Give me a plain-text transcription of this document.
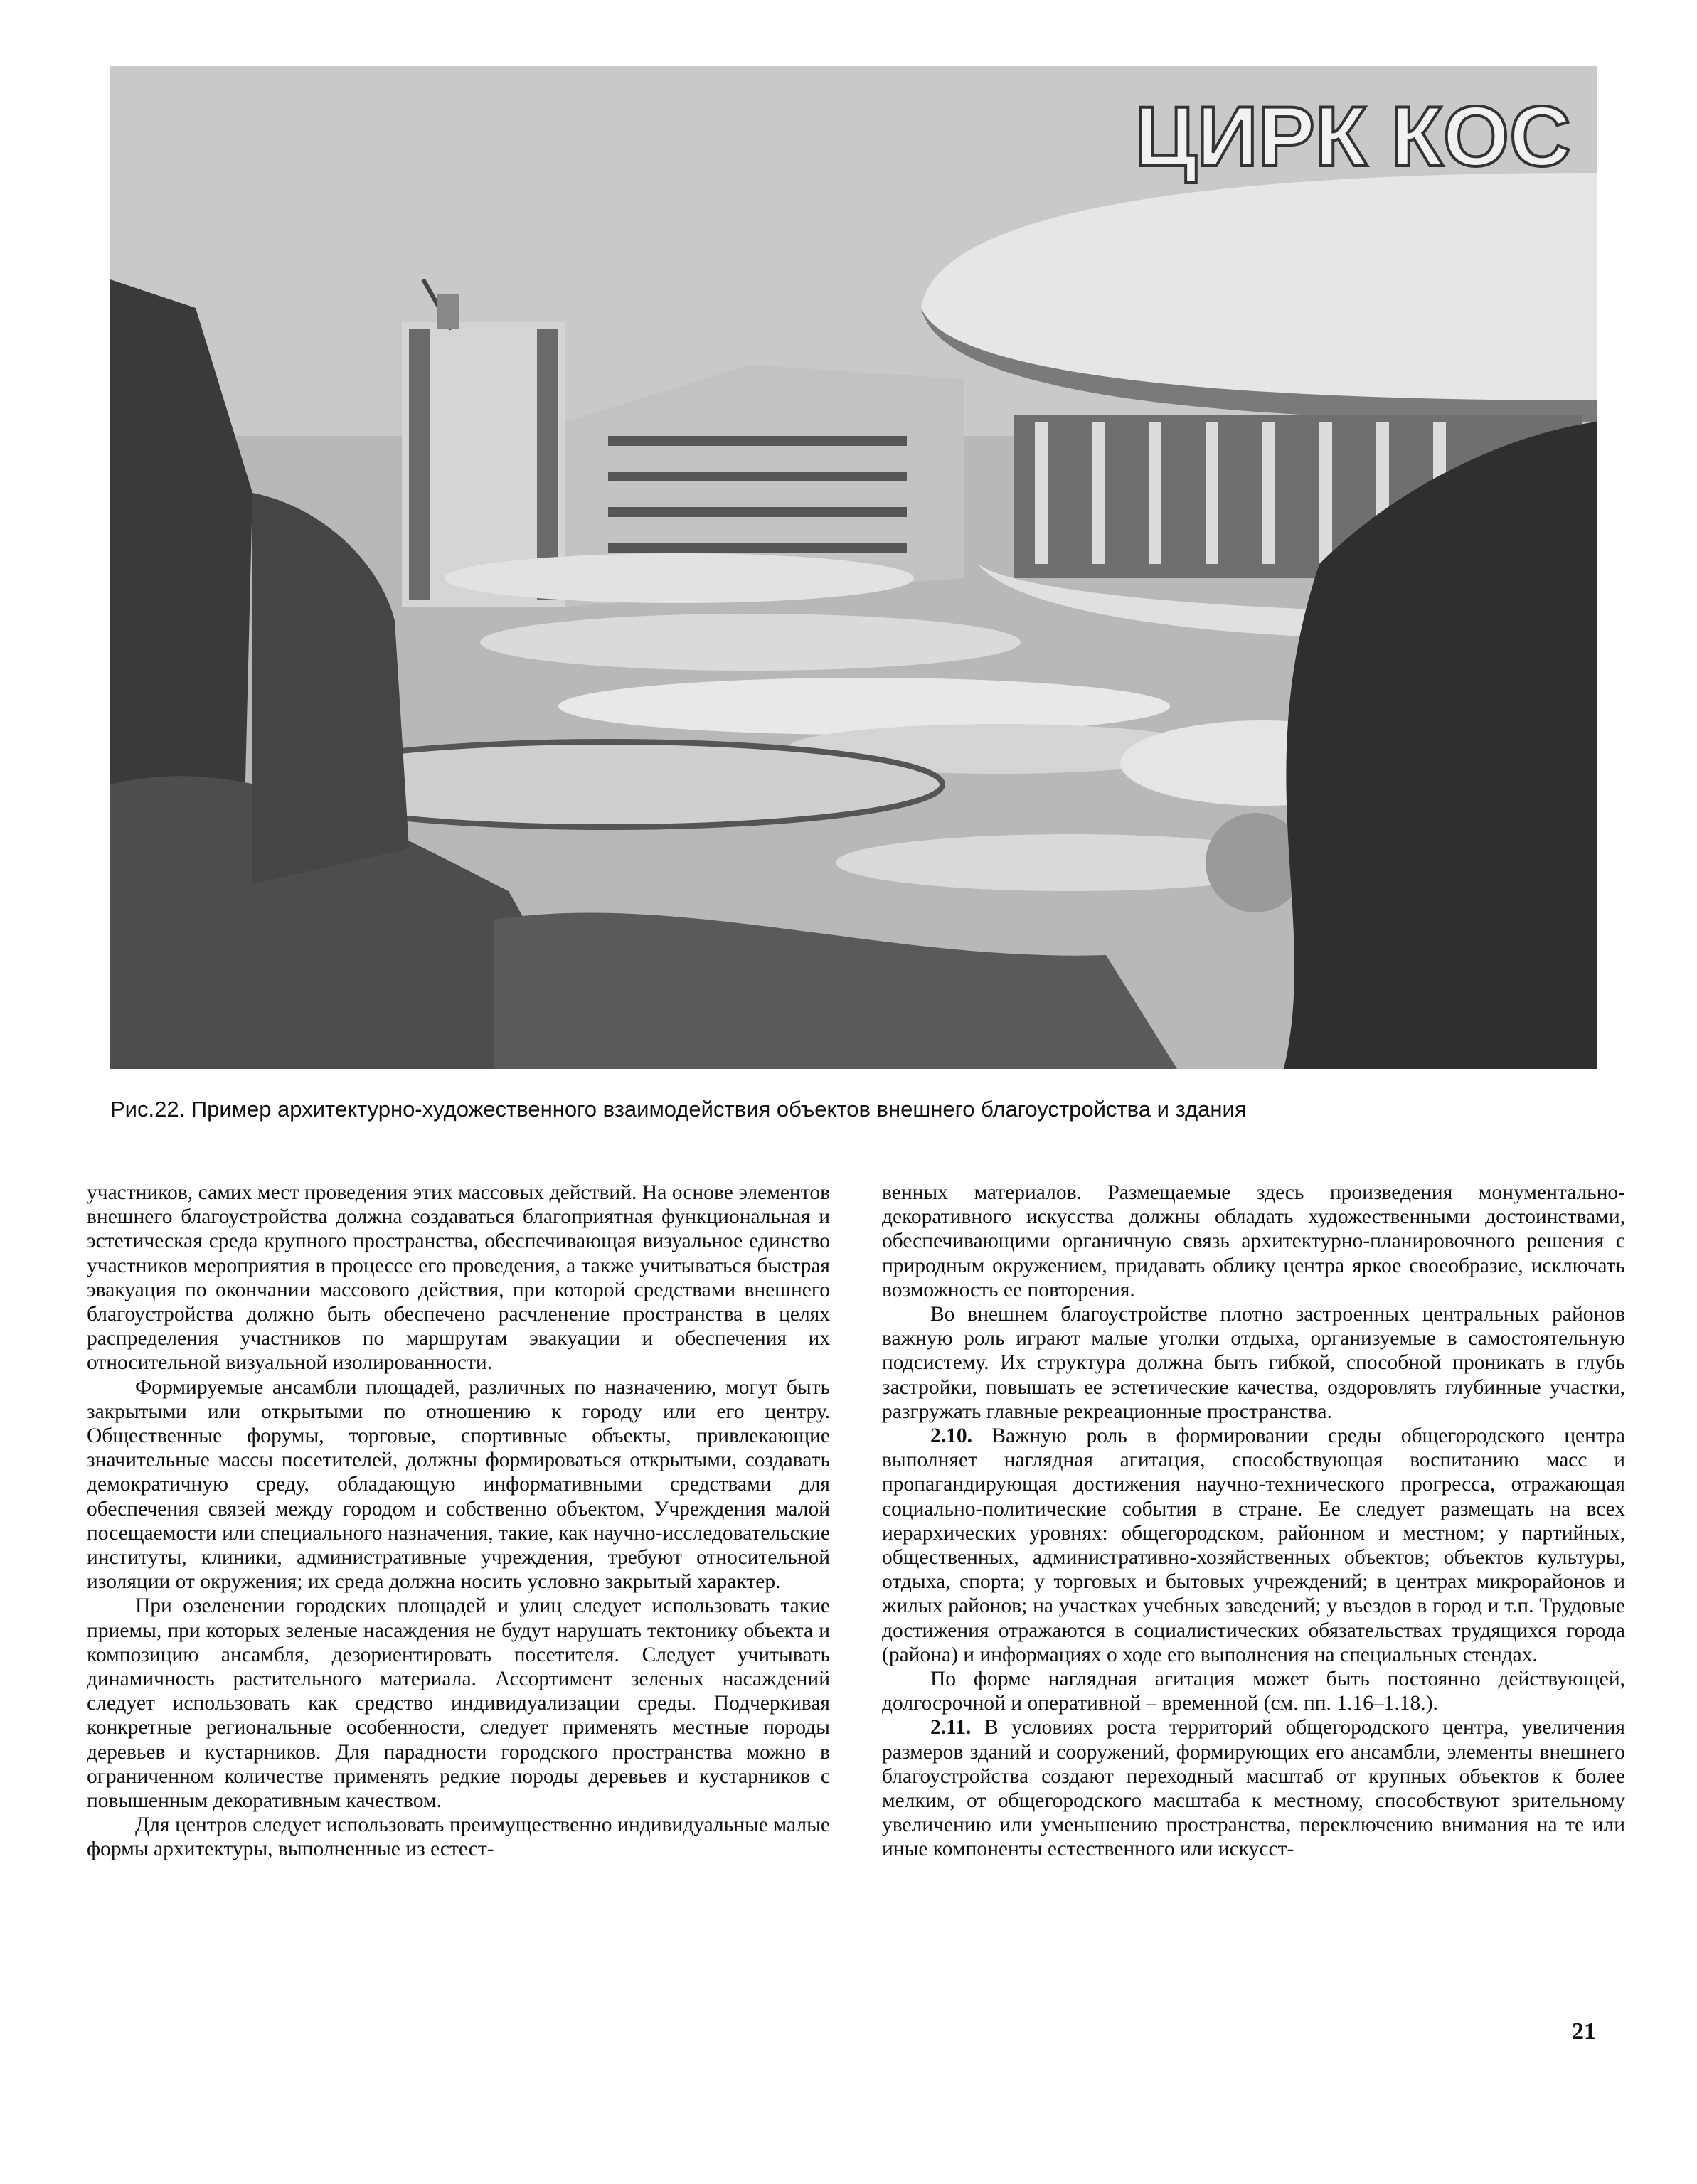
ЦИРК КОС
Рис.22. Пример архитектурно-художественного взаимодействия объектов внешнего благоустройства и здания

участников, самих мест проведения этих массовых действий. На основе элементов внешнего благоустройства должна создаваться благоприятная функциональная и эстетическая среда крупного пространства, обеспечивающая визуальное единство участников мероприятия в процессе его проведения, а также учитываться быстрая эвакуация по окончании массового действия, при которой средствами внешнего благоустройства должно быть обеспечено расчленение пространства в целях распределения участников по маршрутам эвакуации и обеспечения их относительной визуальной изолированности.

Формируемые ансамбли площадей, различных по назначению, могут быть закрытыми или открытыми по отношению к городу или его центру. Общественные форумы, торговые, спортивные объекты, привлекающие значительные массы посетителей, должны формироваться открытыми, создавать демократичную среду, обладающую информативными средствами для обеспечения связей между городом и собственно объектом, Учреждения малой посещаемости или специального назначения, такие, как научно-исследовательские институты, клиники, административные учреждения, требуют относительной изоляции от окружения; их среда должна носить условно закрытый характер.

При озеленении городских площадей и улиц следует использовать такие приемы, при которых зеленые насаждения не будут нарушать тектонику объекта и композицию ансамбля, дезориентировать посетителя. Следует учитывать динамичность растительного материала. Ассортимент зеленых насаждений следует использовать как средство индивидуализации среды. Подчеркивая конкретные региональные особенности, следует применять местные породы деревьев и кустарников. Для парадности городского пространства можно в ограниченном количестве применять редкие породы деревьев и кустарников с повышенным декоративным качеством.

Для центров следует использовать преимущественно индивидуальные малые формы архитектуры, выполненные из естест-

венных материалов. Размещаемые здесь произведения монументально-декоративного искусства должны обладать художественными достоинствами, обеспечивающими органичную связь архитектурно-планировочного решения с природным окружением, придавать облику центра яркое своеобразие, исключать возможность ее повторения.

Во внешнем благоустройстве плотно застроенных центральных районов важную роль играют малые уголки отдыха, организуемые в самостоятельную подсистему. Их структура должна быть гибкой, способной проникать в глубь застройки, повышать ее эстетические качества, оздоровлять глубинные участки, разгружать главные рекреационные пространства.

2.10. Важную роль в формировании среды общегородского центра выполняет наглядная агитация, способствующая воспитанию масс и пропагандирующая достижения научно-технического прогресса, отражающая социально-политические события в стране. Ее следует размещать на всех иерархических уровнях: общегородском, районном и местном; у партийных, общественных, административно-хозяйственных объектов; объектов культуры, отдыха, спорта; у торговых и бытовых учреждений; в центрах микрорайонов и жилых районов; на участках учебных заведений; у въездов в город и т.п. Трудовые достижения отражаются в социалистических обязательствах трудящихся города (района) и информациях о ходе его выполнения на специальных стендах.

По форме наглядная агитация может быть постоянно действующей, долгосрочной и оперативной – временной (см. пп. 1.16–1.18.).

2.11. В условиях роста территорий общегородского центра, увеличения размеров зданий и сооружений, формирующих его ансамбли, элементы внешнего благоустройства создают переходный масштаб от крупных объектов к более мелким, от общегородского масштаба к местному, способствуют зрительному увеличению или уменьшению пространства, переключению внимания на те или иные компоненты естественного или искусст-

21
